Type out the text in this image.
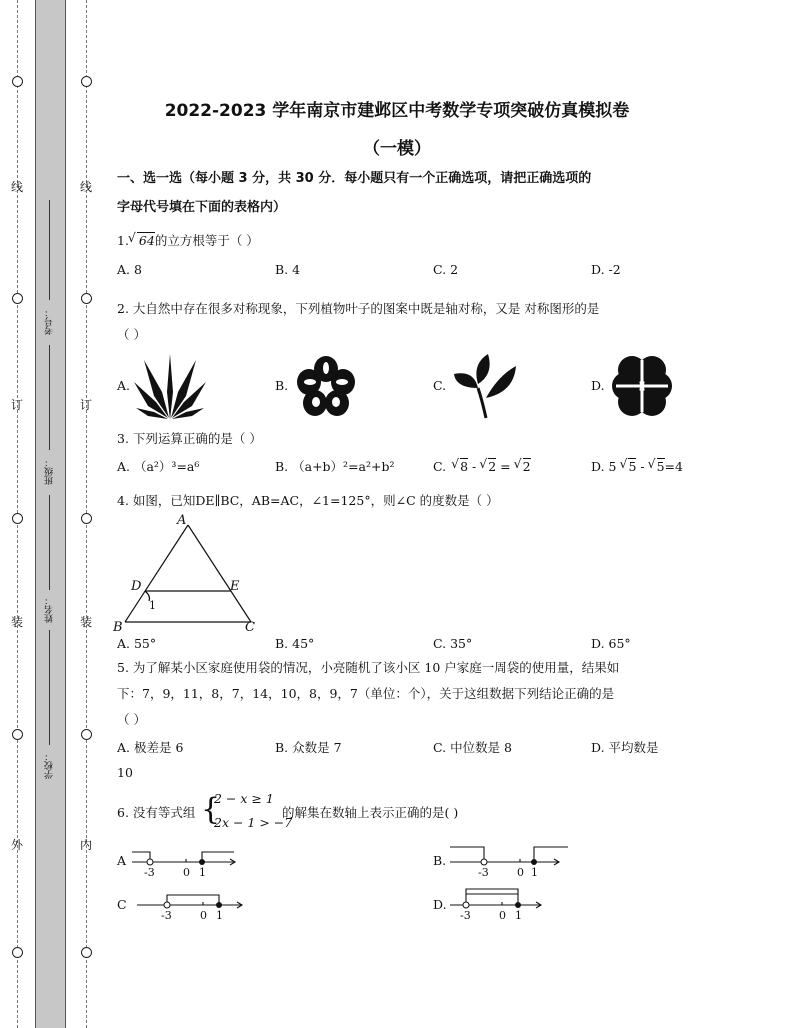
线
订
装
外
线
订
装
内
考号：
班级：
姓名：
学校：
2022-2023 学年南京市建邺区中考数学专项突破仿真模拟卷
（一模）
一、选一选（每小题 3 分，共 30 分．每小题只有一个正确选项，请把正确选项的
字母代号填在下面的表格内）
1.
√ 64的立方根等于（ ）
A. 8	B. 4	C. 2	D. -2
2. 大自然中存在很多对称现象，下列植物叶子的图案中既是轴对称，又是 对称图形的是
（ ）
A.	B.	C.	D.
3. 下列运算正确的是（ ）
A. （a²）³=a⁶	B. （a+b）²=a²+b²	C. √ 8 - √ 2 = √ 2	D. 5 √ 5 - √ 5=4
4. 如图，已知DE∥BC，AB=AC，∠1=125°，则∠C 的度数是（ ）
A
B	C
D	E
1
A. 55°	B. 45°	C. 35°	D. 65°
5. 为了解某小区家庭使用袋的情况，小亮随机了该小区 10 户家庭一周袋的使用量，结果如
下：7，9，11，8，7，14，10，8，9，7（单位：个），关于这组数据下列结论正确的是
（ ）
A. 极差是 6	B. 众数是 7	C. 中位数是 8	D. 平均数是
10
6. 没有等式组 {
2 − x ≥ 1
2x − 1 > −7
的解集在数轴上表示正确的是( )
A
-3	0 1
B.
-3	0 1
C
-3	0 1
D.
-3	0 1
